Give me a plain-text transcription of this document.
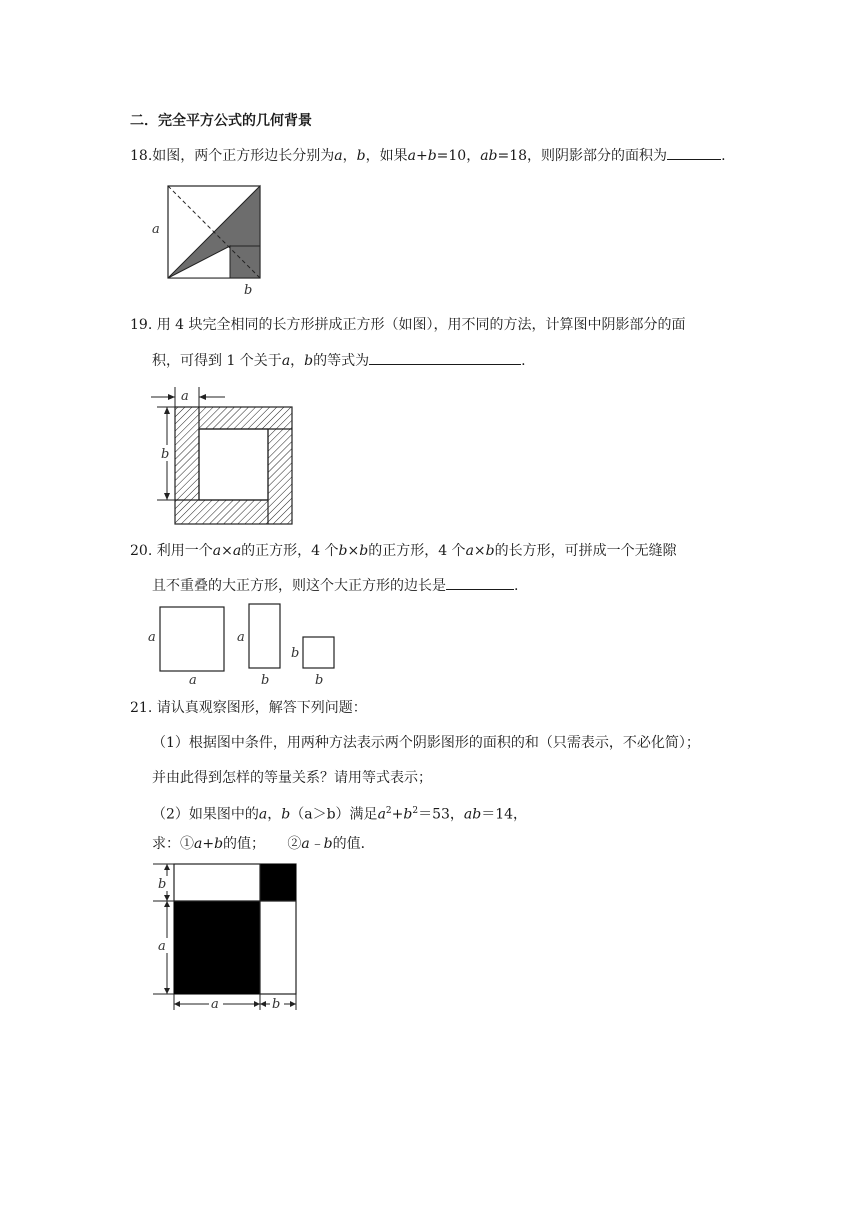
二．完全平方公式的几何背景
18.如图，两个正方形边长分别为a，b，如果a+b=10，ab=18，则阴影部分的面积为	.
a
b
19. 用 4 块完全相同的长方形拼成正方形（如图），用不同的方法，计算图中阴影部分的面
积，可得到 1 个关于a，b的等式为	.
a
b
20. 利用一个a×a的正方形，4 个b×b的正方形，4 个a×b的长方形，可拼成一个无缝隙
且不重叠的大正方形，则这个大正方形的边长是	.
a
a
a
b
b
b
21. 请认真观察图形，解答下列问题：
（1）根据图中条件，用两种方法表示两个阴影图形的面积的和（只需表示，不必化简）；
并由此得到怎样的等量关系？请用等式表示；
（2）如果图中的a，b（a＞b）满足$a^2+b^2=53$，ab＝14，
求：①a+b的值； ②a﹣b的值．
b
a
a	b
